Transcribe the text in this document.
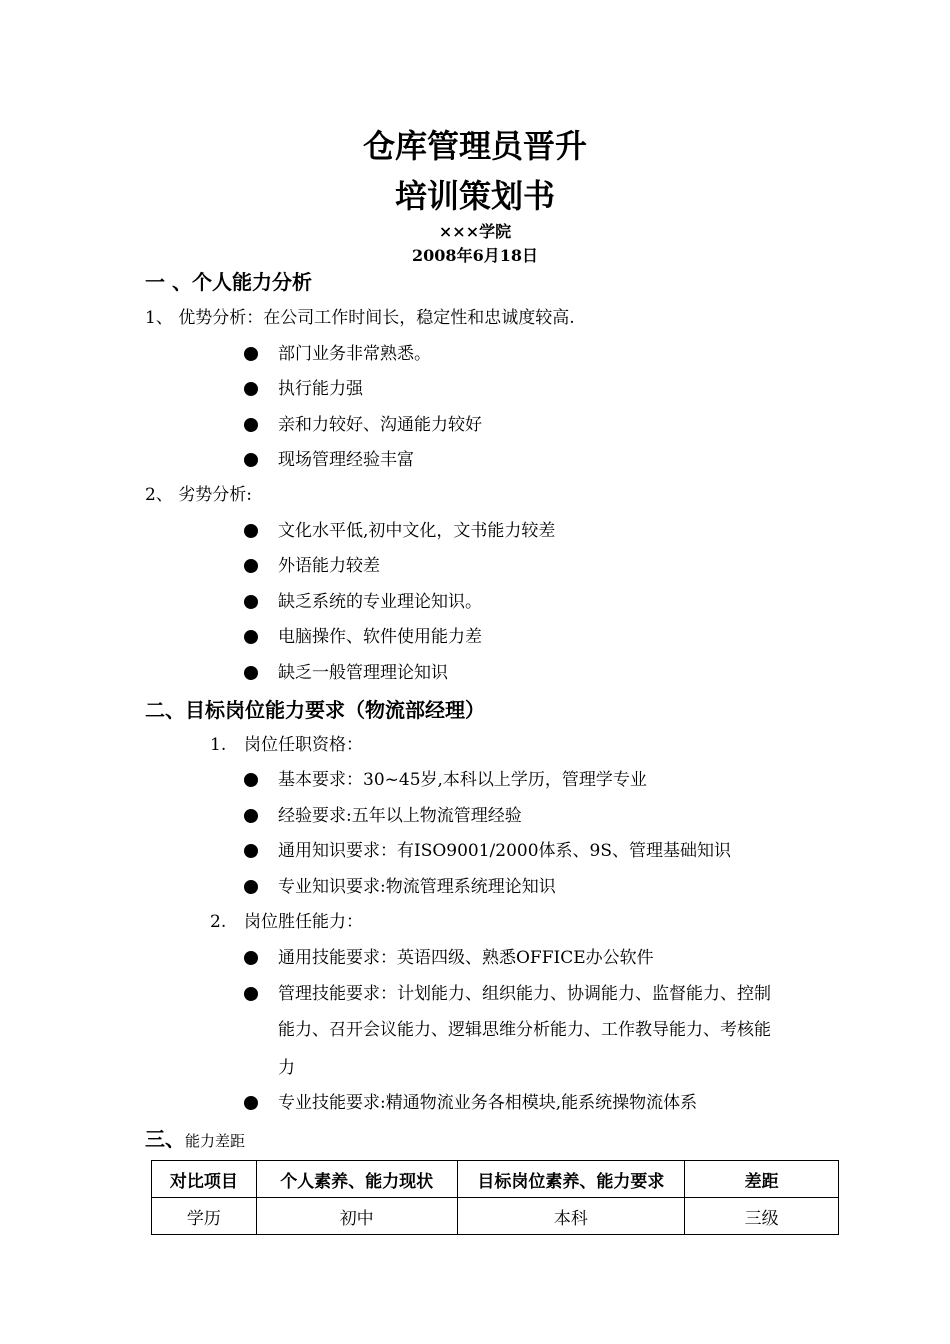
仓库管理员晋升
培训策划书
×××学院
2008年6月18日
一 、个人能力分析
1、 优势分析：在公司工作时间长，稳定性和忠诚度较高.
部门业务非常熟悉。
执行能力强
亲和力较好、沟通能力较好
现场管理经验丰富
2、 劣势分析:
文化水平低,初中文化，文书能力较差
外语能力较差
缺乏系统的专业理论知识。
电脑操作、软件使用能力差
缺乏一般管理理论知识
二、目标岗位能力要求（物流部经理）
1. 岗位任职资格：
基本要求：30~45岁,本科以上学历，管理学专业
经验要求:五年以上物流管理经验
通用知识要求：有ISO9001/2000体系、9S、管理基础知识
专业知识要求:物流管理系统理论知识
2. 岗位胜任能力：
通用技能要求：英语四级、熟悉OFFICE办公软件
管理技能要求：计划能力、组织能力、协调能力、监督能力、控制
能力、召开会议能力、逻辑思维分析能力、工作教导能力、考核能
力
专业技能要求:精通物流业务各相模块,能系统操物流体系
三、能力差距
对比项目	个人素养、能力现状	目标岗位素养、能力要求	差距
学历	初中	本科	三级
